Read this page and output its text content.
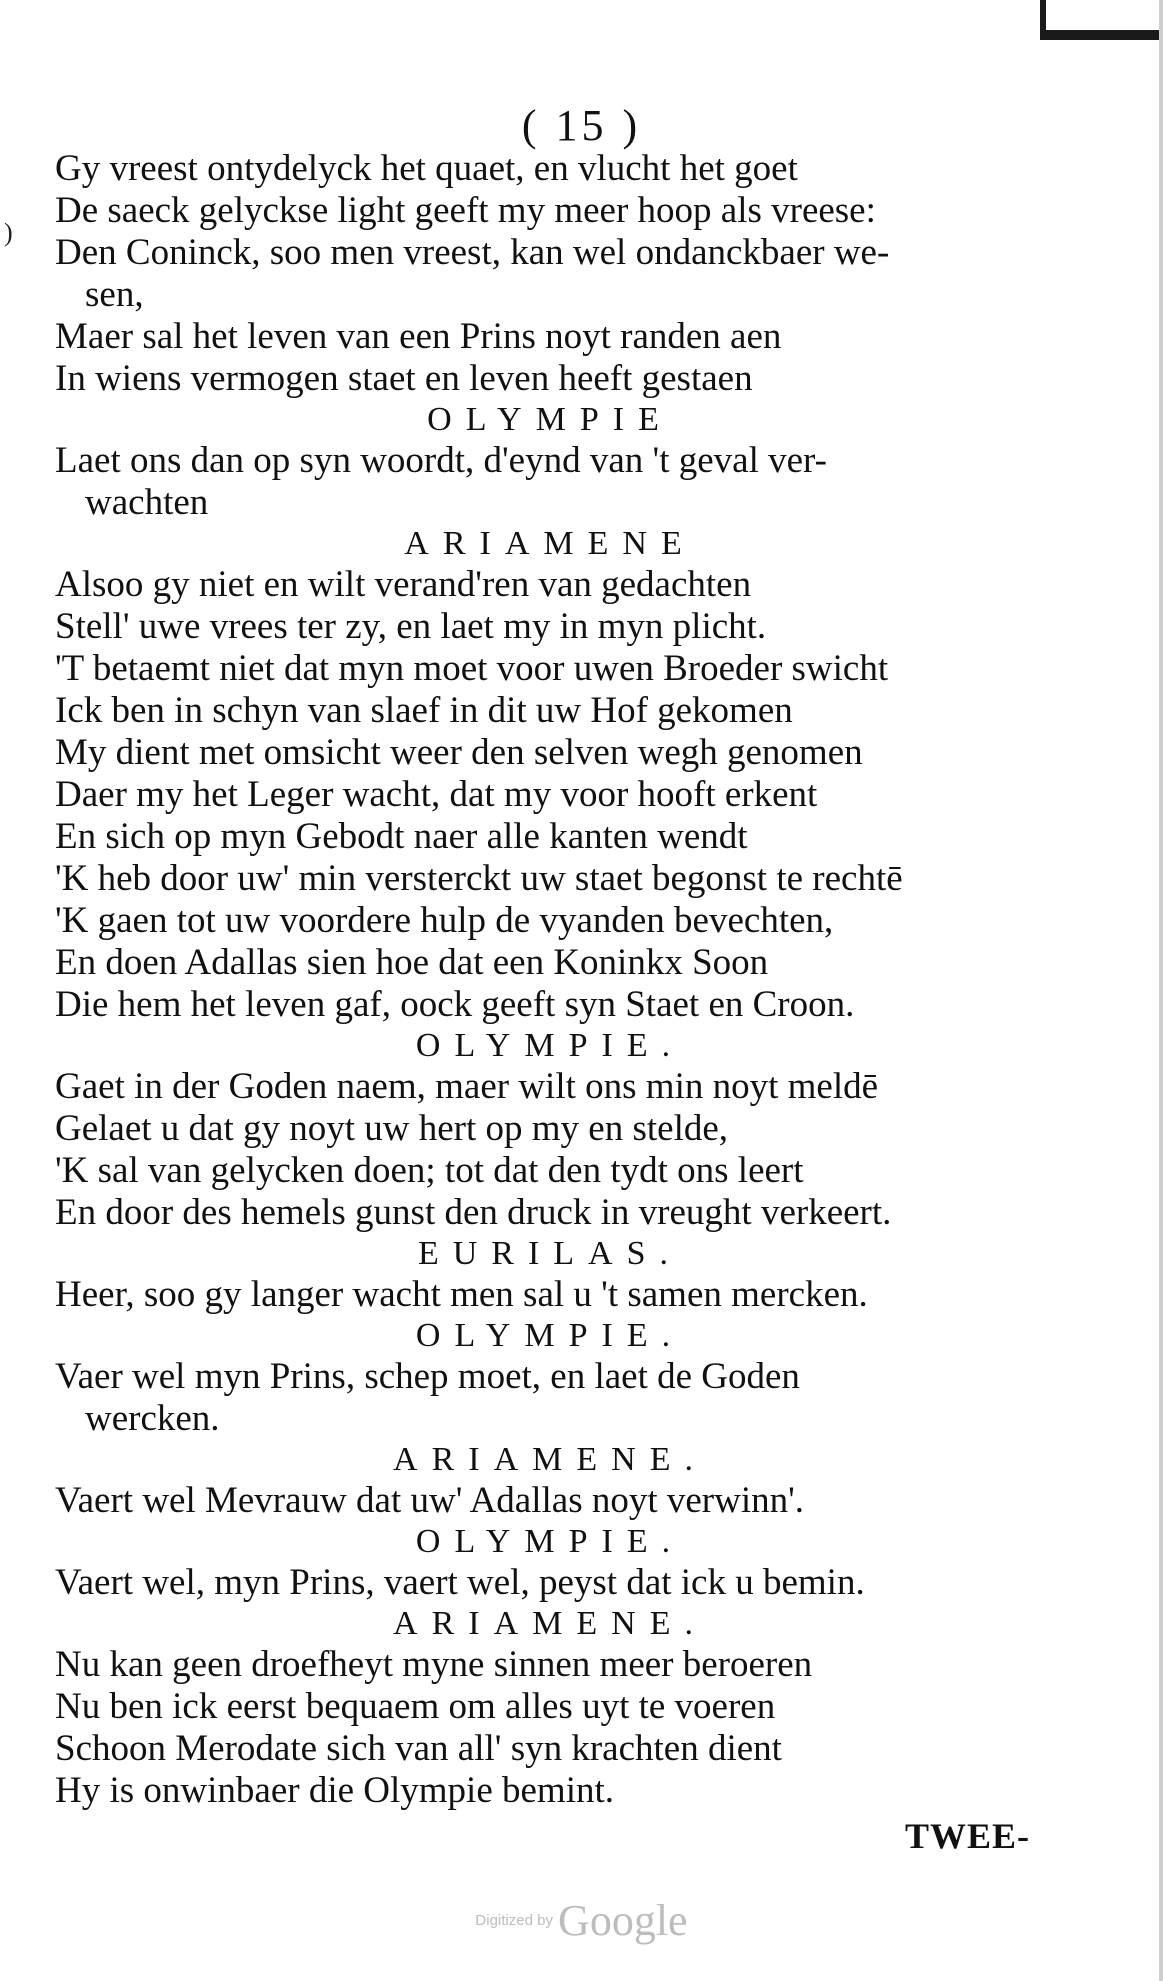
)
( 15 )
Gy vreest ontydelyck het quaet, en vlucht het goet
De saeck gelyckse light geeft my meer hoop als vreese:
Den Coninck, soo men vreest, kan wel ondanckbaer we-
sen,
Maer sal het leven van een Prins noyt randen aen
In wiens vermogen staet en leven heeft gestaen
OLYMPIE
Laet ons dan op syn woordt, d'eynd van 't geval ver-
wachten
ARIAMENE
Alsoo gy niet en wilt verand'ren van gedachten
Stell' uwe vrees ter zy, en laet my in myn plicht.
'T betaemt niet dat myn moet voor uwen Broeder swicht
Ick ben in schyn van slaef in dit uw Hof gekomen
My dient met omsicht weer den selven wegh genomen
Daer my het Leger wacht, dat my voor hooft erkent
En sich op myn Gebodt naer alle kanten wendt
'K heb door uw' min versterckt uw staet begonst te rechtē
'K gaen tot uw voordere hulp de vyanden bevechten,
En doen Adallas sien hoe dat een Koninkx Soon
Die hem het leven gaf, oock geeft syn Staet en Croon.
OLYMPIE.
Gaet in der Goden naem, maer wilt ons min noyt meldē
Gelaet u dat gy noyt uw hert op my en stelde,
'K sal van gelycken doen; tot dat den tydt ons leert
En door des hemels gunst den druck in vreught verkeert.
EURILAS.
Heer, soo gy langer wacht men sal u 't samen mercken.
OLYMPIE.
Vaer wel myn Prins, schep moet, en laet de Goden
wercken.
ARIAMENE.
Vaert wel Mevrauw dat uw' Adallas noyt verwinn'.
OLYMPIE.
Vaert wel, myn Prins, vaert wel, peyst dat ick u bemin.
ARIAMENE.
Nu kan geen droefheyt myne sinnen meer beroeren
Nu ben ick eerst bequaem om alles uyt te voeren
Schoon Merodate sich van all' syn krachten dient
Hy is onwinbaer die Olympie bemint.
TWEE-
Digitized by Google
